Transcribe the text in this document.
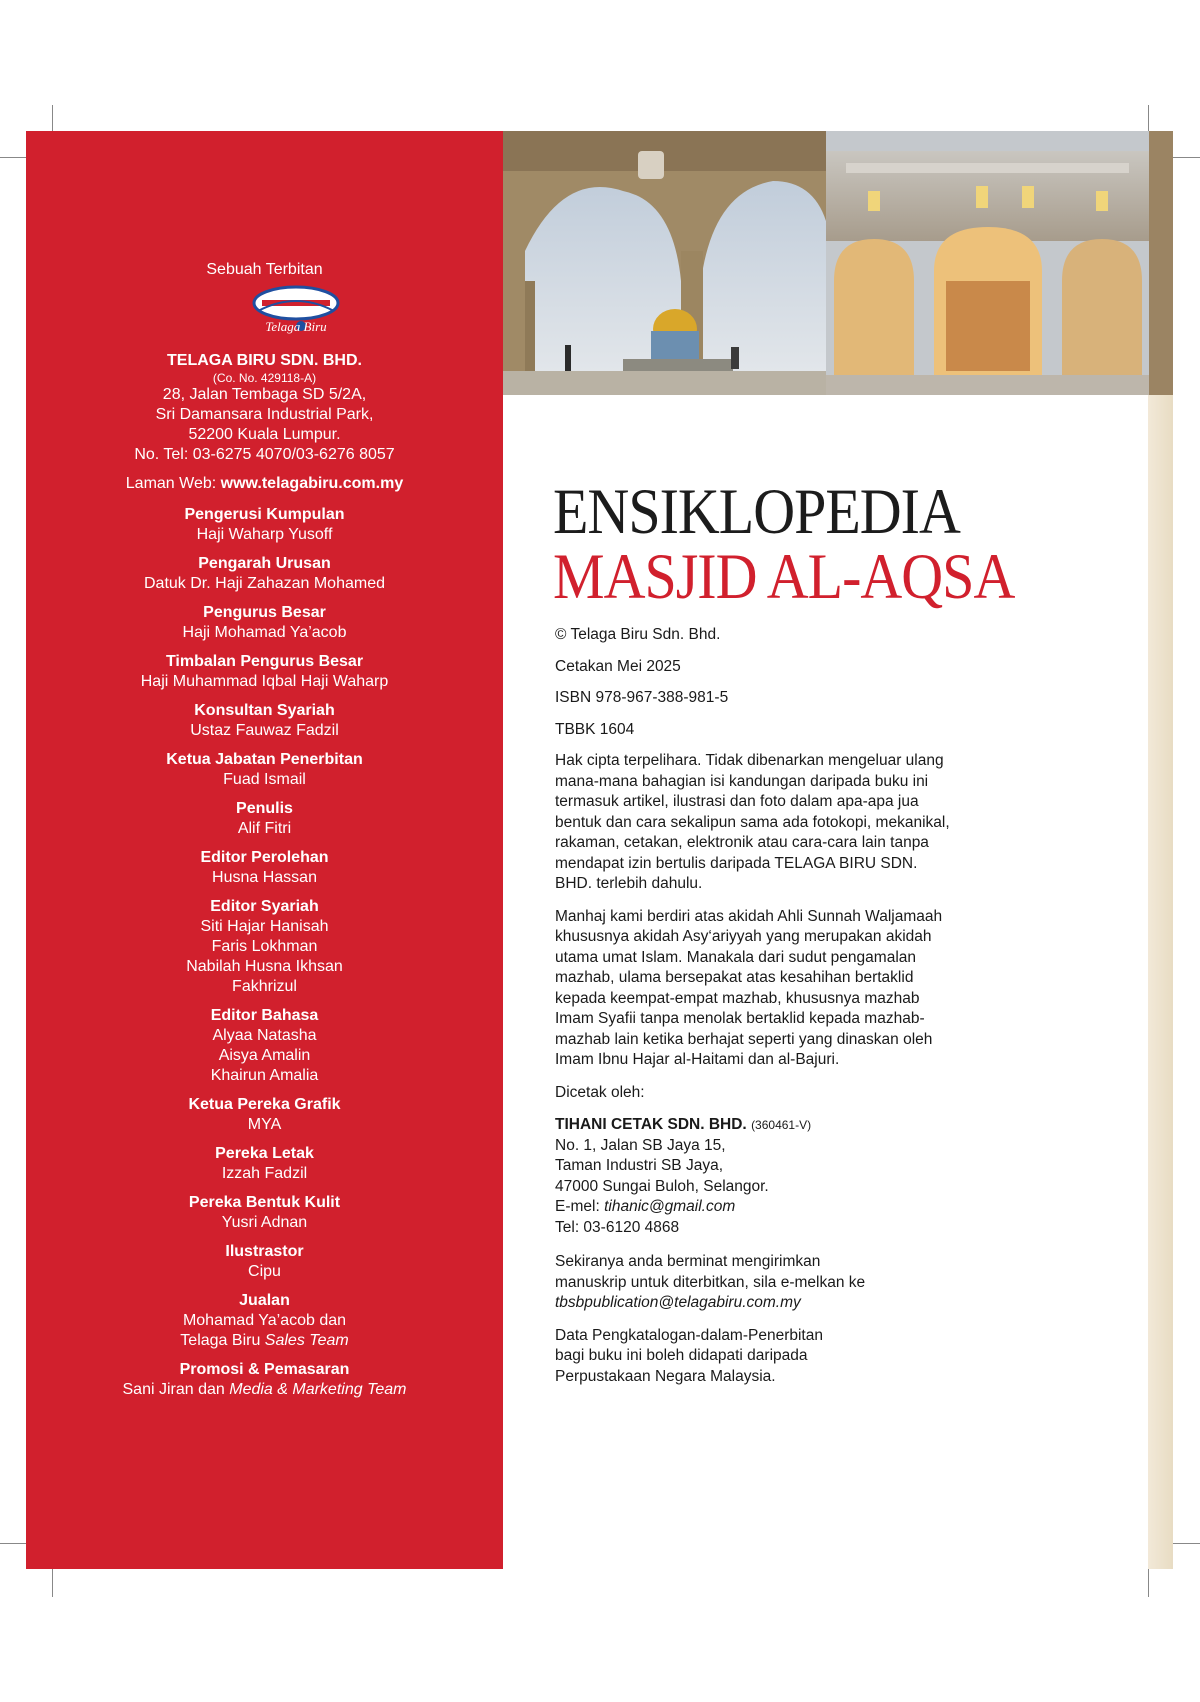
Sebuah Terbitan
Telaga Biru
TELAGA BIRU SDN. BHD.
(Co. No. 429118-A)
28, Jalan Tembaga SD 5/2A,
Sri Damansara Industrial Park,
52200 Kuala Lumpur.
No. Tel: 03-6275 4070/03-6276 8057
Laman Web: www.telagabiru.com.my
Pengerusi Kumpulan
Haji Waharp Yusoff
Pengarah Urusan
Datuk Dr. Haji Zahazan Mohamed
Pengurus Besar
Haji Mohamad Ya’acob
Timbalan Pengurus Besar
Haji Muhammad Iqbal Haji Waharp
Konsultan Syariah
Ustaz Fauwaz Fadzil
Ketua Jabatan Penerbitan
Fuad Ismail
Penulis
Alif Fitri
Editor Perolehan
Husna Hassan
Editor Syariah
Siti Hajar Hanisah
Faris Lokhman
Nabilah Husna Ikhsan
Fakhrizul
Editor Bahasa
Alyaa Natasha
Aisya Amalin
Khairun Amalia
Ketua Pereka Grafik
MYA
Pereka Letak
Izzah Fadzil
Pereka Bentuk Kulit
Yusri Adnan
Ilustrastor
Cipu
Jualan
Mohamad Ya’acob dan
Telaga Biru Sales Team
Promosi & Pemasaran
Sani Jiran dan Media & Marketing Team
ENSIKLOPEDIA
MASJID AL-AQSA

© Telaga Biru Sdn. Bhd.

Cetakan Mei 2025

ISBN 978-967-388-981-5

TBBK 1604

Hak cipta terpelihara. Tidak dibenarkan mengeluar ulang mana-mana bahagian isi kandungan daripada buku ini termasuk artikel, ilustrasi dan foto dalam apa-apa jua bentuk dan cara sekalipun sama ada fotokopi, mekanikal, rakaman, cetakan, elektronik atau cara-cara lain tanpa mendapat izin bertulis daripada TELAGA BIRU SDN. BHD. terlebih dahulu.

Manhaj kami berdiri atas akidah Ahli Sunnah Waljamaah khususnya akidah Asy‘ariyyah yang merupakan akidah utama umat Islam. Manakala dari sudut pengamalan mazhab, ulama bersepakat atas kesahihan bertaklid kepada keempat-empat mazhab, khususnya mazhab Imam Syafii tanpa menolak bertaklid kepada mazhab-mazhab lain ketika berhajat seperti yang dinaskan oleh Imam Ibnu Hajar al-Haitami dan al-Bajuri.

Dicetak oleh:

TIHANI CETAK SDN. BHD. (360461-V)
No. 1, Jalan SB Jaya 15,
Taman Industri SB Jaya,
47000 Sungai Buloh, Selangor.
E-mel: tihanic@gmail.com
Tel: 03-6120 4868
Sekiranya anda berminat mengirimkan
manuskrip untuk diterbitkan, sila e-melkan ke
tbsbpublication@telagabiru.com.my
Data Pengkatalogan-dalam-Penerbitan
bagi buku ini boleh didapati daripada
Perpustakaan Negara Malaysia.
